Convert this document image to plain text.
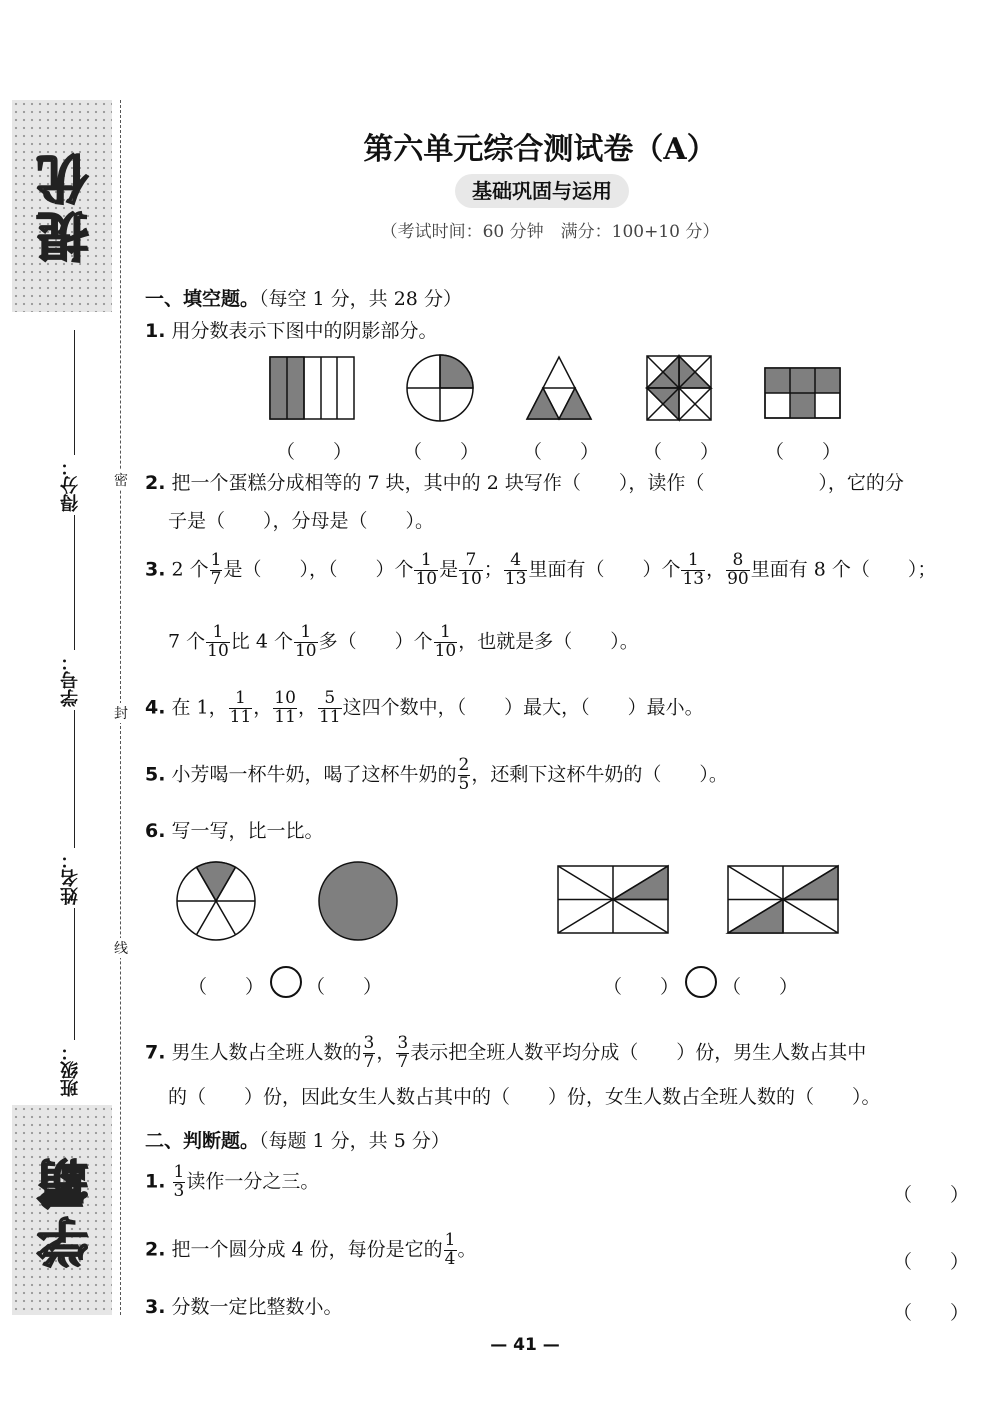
提优
学霸
得分：
学号：
姓名：
班级：
密
封
线
第六单元综合测试卷（A）
基础巩固与运用
（考试时间：60 分钟　满分：100+10 分）
一、填空题。（每空 1 分，共 28 分）
1. 用分数表示下图中的阴影部分。
（　　）	（　　） （　　） （　　） （　　）
2. 把一个蛋糕分成相等的 7 块，其中的 2 块写作（　　），读作（　　　　　　），它的分
子是（　　），分母是（　　）。
3. 2 个 $\frac{1}{7}$ 是（　　），（　　）个 $\frac{1}{10}$ 是 $\frac{7}{10}$ ； $\frac{4}{13}$ 里面有（　　）个 $\frac{1}{13}$ ， $\frac{8}{90}$ 里面有 8 个（　　）；
7 个 $\frac{1}{10}$ 比 4 个 $\frac{1}{10}$ 多（　　）个 $\frac{1}{10}$ ，也就是多（　　）。
4. 在 1， $\frac{1}{11}$ ， $\frac{10}{11}$ ， $\frac{5}{11}$ 这四个数中，（　　）最大，（　　）最小。
5. 小芳喝一杯牛奶，喝了这杯牛奶的 $\frac{2}{5}$ ，还剩下这杯牛奶的（　　）。
6. 写一写，比一比。
（　　） （　　）	（　　） （　　）
7. 男生人数占全班人数的 $\frac{3}{7}$ ， $\frac{3}{7}$ 表示把全班人数平均分成（　　）份，男生人数占其中
的（　　）份，因此女生人数占其中的（　　）份，女生人数占全班人数的（　　）。
二、判断题。（每题 1 分，共 5 分）
1. $\frac{1}{3}$ 读作一分之三。
（　　）
2. 把一个圆分成 4 份，每份是它的 $\frac{1}{4}$ 。
（　　）
3. 分数一定比整数小。	（　　）
— 41 —
